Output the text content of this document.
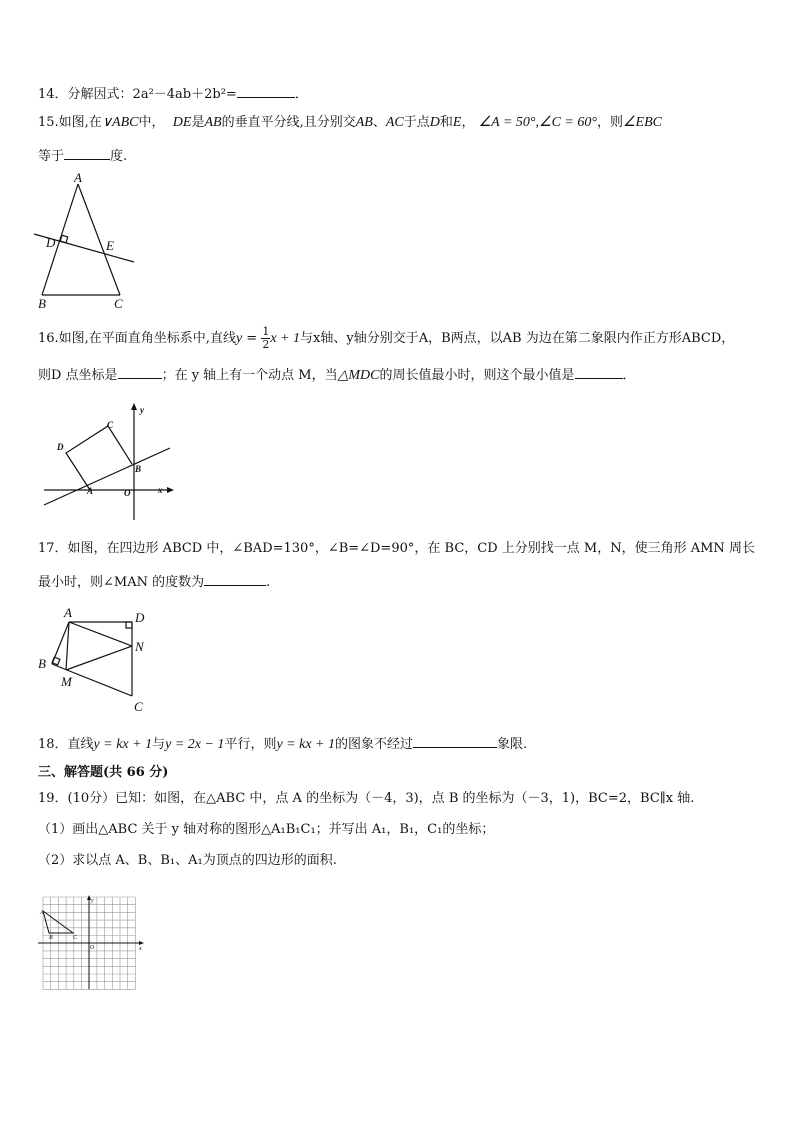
14．分解因式：2a²－4ab＋2b²=	．
15.如图,在∨ABC中， DE是AB的垂直平分线,且分别交AB、AC于点D和E， ∠A = 50°,∠C = 60°，则∠EBC
等于	度.
A
D	E
B	C
16.如图,在平面直角坐标系中,直线$y = \frac{1}{2}$ x + 1与x轴、y轴分别交于A，B两点，以AB 为边在第二象限内作正方形ABCD，
则D 点坐标是	；在 y 轴上有一个动点 M，当△MDC的周长值最小时，则这个最小值是	．
y
C
D
B
A	O	x
17．如图，在四边形 ABCD 中，∠BAD=130°，∠B=∠D=90°，在 BC，CD 上分别找一点 M，N，使三角形 AMN 周长
最小时，则∠MAN 的度数为	.
A	D
N
B
M
C
18．直线y = kx + 1与y = 2x − 1平行，则y = kx + 1的图象不经过	象限.
三、解答题(共 66 分)
19．(10分）已知：如图，在△ABC 中，点 A 的坐标为（－4，3)，点 B 的坐标为（－3，1)，BC=2，BC∥x 轴.
（1）画出△ABC 关于 y 轴对称的图形△A₁B₁C₁；并写出 A₁，B₁，C₁的坐标；
（2）求以点 A、B、B₁、A₁为顶点的四边形的面积.
y
A
B	C
O	x
